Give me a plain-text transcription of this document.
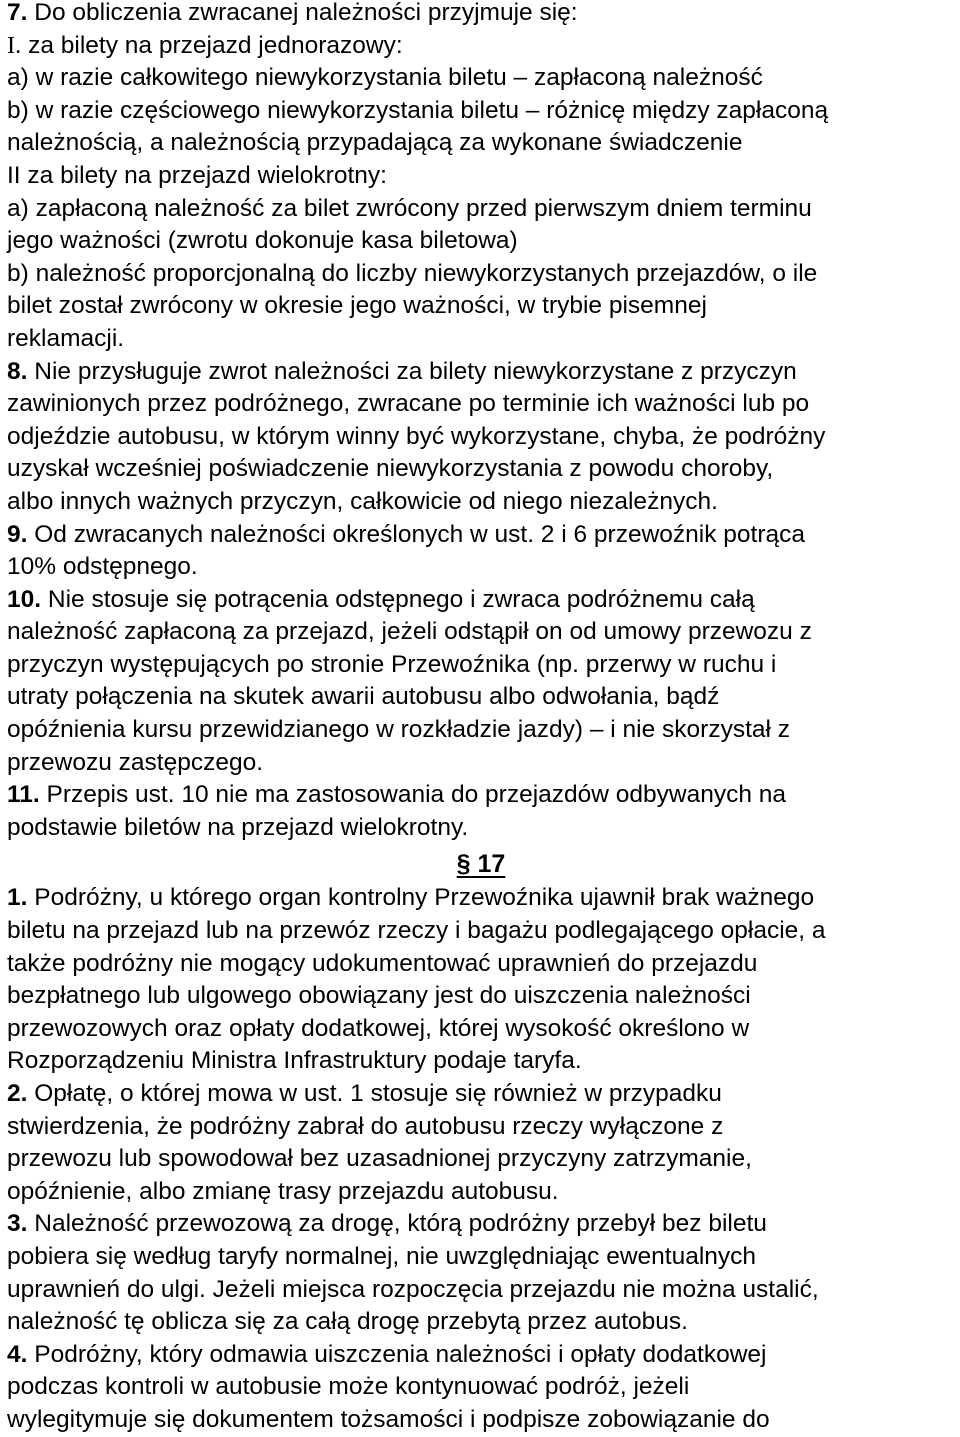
7. Do obliczenia zwracanej należności przyjmuje się:
I. za bilety na przejazd jednorazowy:
a) w razie całkowitego niewykorzystania biletu – zapłaconą należność
b) w razie częściowego niewykorzystania biletu – różnicę między zapłaconą
należnością, a należnością przypadającą za wykonane świadczenie
II za bilety na przejazd wielokrotny:
a) zapłaconą należność za bilet zwrócony przed pierwszym dniem terminu
jego ważności (zwrotu dokonuje kasa biletowa)
b) należność proporcjonalną do liczby niewykorzystanych przejazdów, o ile
bilet został zwrócony w okresie jego ważności, w trybie pisemnej
reklamacji.
8. Nie przysługuje zwrot należności za bilety niewykorzystane z przyczyn
zawinionych przez podróżnego, zwracane po terminie ich ważności lub po
odjeździe autobusu, w którym winny być wykorzystane, chyba, że podróżny
uzyskał wcześniej poświadczenie niewykorzystania z powodu choroby,
albo innych ważnych przyczyn, całkowicie od niego niezależnych.
9. Od zwracanych należności określonych w ust. 2 i 6 przewoźnik potrąca
10% odstępnego.
10. Nie stosuje się potrącenia odstępnego i zwraca podróżnemu całą
należność zapłaconą za przejazd, jeżeli odstąpił on od umowy przewozu z
przyczyn występujących po stronie Przewoźnika (np. przerwy w ruchu i
utraty połączenia na skutek awarii autobusu albo odwołania, bądź
opóźnienia kursu przewidzianego w rozkładzie jazdy) – i nie skorzystał z
przewozu zastępczego.
11. Przepis ust. 10 nie ma zastosowania do przejazdów odbywanych na
podstawie biletów na przejazd wielokrotny.
§ 17
1. Podróżny, u którego organ kontrolny Przewoźnika ujawnił brak ważnego
biletu na przejazd lub na przewóz rzeczy i bagażu podlegającego opłacie, a
także podróżny nie mogący udokumentować uprawnień do przejazdu
bezpłatnego lub ulgowego obowiązany jest do uiszczenia należności
przewozowych oraz opłaty dodatkowej, której wysokość określono w
Rozporządzeniu Ministra Infrastruktury podaje taryfa.
2. Opłatę, o której mowa w ust. 1 stosuje się również w przypadku
stwierdzenia, że podróżny zabrał do autobusu rzeczy wyłączone z
przewozu lub spowodował bez uzasadnionej przyczyny zatrzymanie,
opóźnienie, albo zmianę trasy przejazdu autobusu.
3. Należność przewozową za drogę, którą podróżny przebył bez biletu
pobiera się według taryfy normalnej, nie uwzględniając ewentualnych
uprawnień do ulgi. Jeżeli miejsca rozpoczęcia przejazdu nie można ustalić,
należność tę oblicza się za całą drogę przebytą przez autobus.
4. Podróżny, który odmawia uiszczenia należności i opłaty dodatkowej
podczas kontroli w autobusie może kontynuować podróż, jeżeli
wylegitymuje się dokumentem tożsamości i podpisze zobowiązanie do
